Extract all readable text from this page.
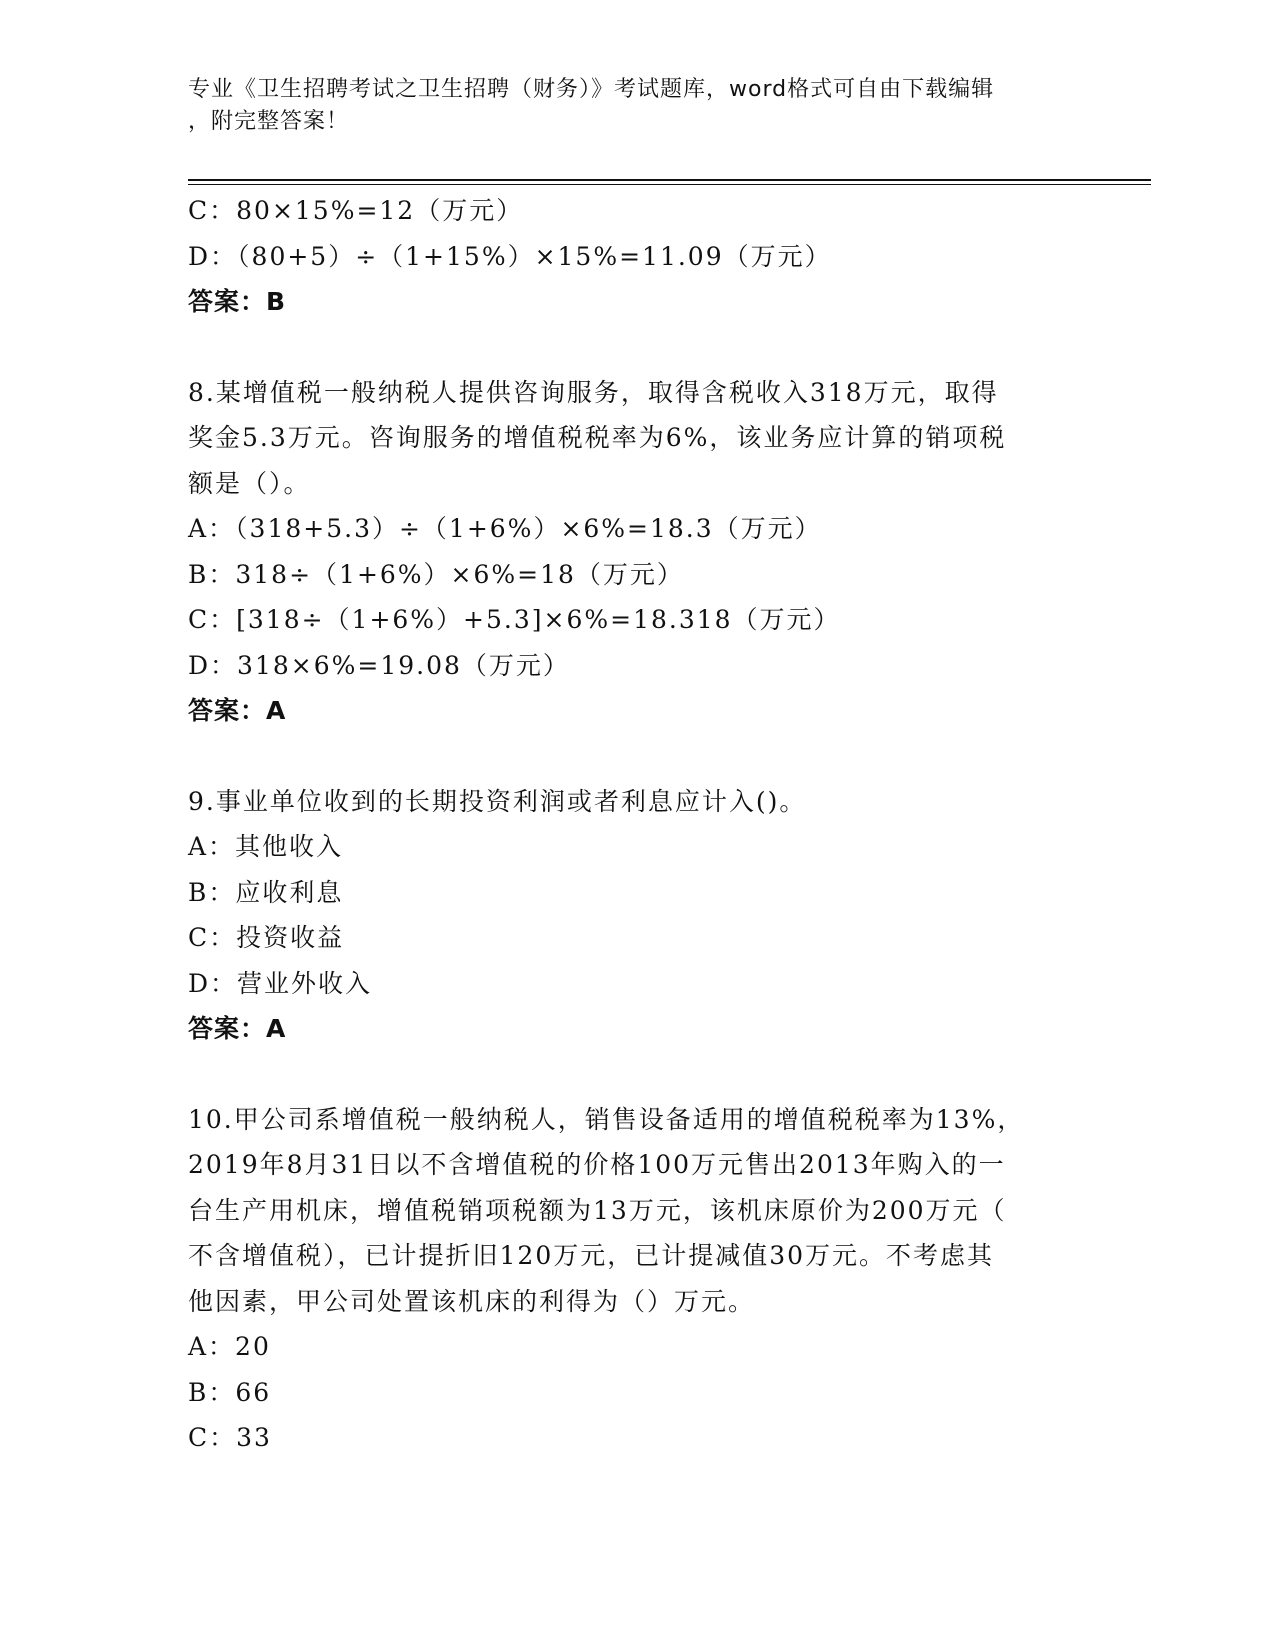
专业《卫生招聘考试之卫生招聘（财务）》考试题库，word格式可自由下载编辑
，附完整答案！
C：80×15%=12（万元）
D：（80+5）÷（1+15%）×15%=11.09（万元）
答案：B
8.某增值税一般纳税人提供咨询服务，取得含税收入318万元，取得
奖金5.3万元。咨询服务的增值税税率为6%，该业务应计算的销项税
额是（）。
A：（318+5.3）÷（1+6%）×6%=18.3（万元）
B：318÷（1+6%）×6%=18（万元）
C：[318÷（1+6%）+5.3]×6%=18.318（万元）
D：318×6%=19.08（万元）
答案：A
9.事业单位收到的长期投资利润或者利息应计入()。
A：其他收入
B：应收利息
C：投资收益
D：营业外收入
答案：A
10.甲公司系增值税一般纳税人，销售设备适用的增值税税率为13%，
2019年8月31日以不含增值税的价格100万元售出2013年购入的一
台生产用机床，增值税销项税额为13万元，该机床原价为200万元（
不含增值税），已计提折旧120万元，已计提减值30万元。不考虑其
他因素，甲公司处置该机床的利得为（）万元。
A：20
B：66
C：33
